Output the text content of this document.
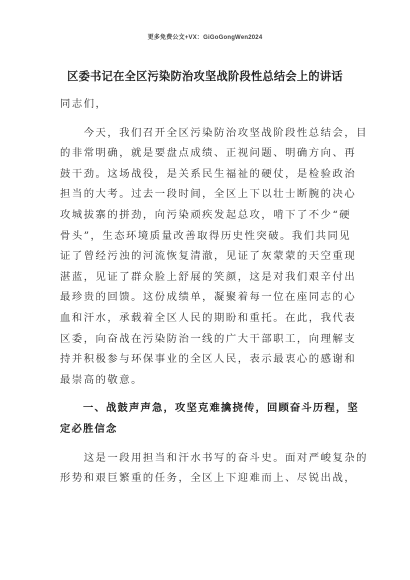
更多免费公文+VX：GiGoGongWen2024
区委书记在全区污染防治攻坚战阶段性总结会上的讲话
同志们，
　　今天，我们召开全区污染防治攻坚战阶段性总结会，目
的非常明确，就是要盘点成绩、正视问题、明确方向、再
鼓干劲。这场战役，是关系民生福祉的硬仗，是检验政治
担当的大考。过去一段时间，全区上下以壮士断腕的决心
攻城拔寨的拼劲，向污染顽疾发起总攻，啃下了不少“硬
骨头”，生态环境质量改善取得历史性突破。我们共同见
证了曾经污浊的河流恢复清澈，见证了灰蒙蒙的天空重现
湛蓝，见证了群众脸上舒展的笑颜，这是对我们艰辛付出
最珍贵的回馈。这份成绩单，凝聚着每一位在座同志的心
血和汗水，承载着全区人民的期盼和重托。在此，我代表
区委，向奋战在污染防治一线的广大干部职工，向理解支
持并积极参与环保事业的全区人民，表示最衷心的感谢和
最崇高的敬意。
　　一、战鼓声声急，攻坚克难擒挠传，回顾奋斗历程，坚
定必胜信念
　　这是一段用担当和汗水书写的奋斗史。面对严峻复杂的
形势和艰巨繁重的任务，全区上下迎难而上、尽锐出战，
